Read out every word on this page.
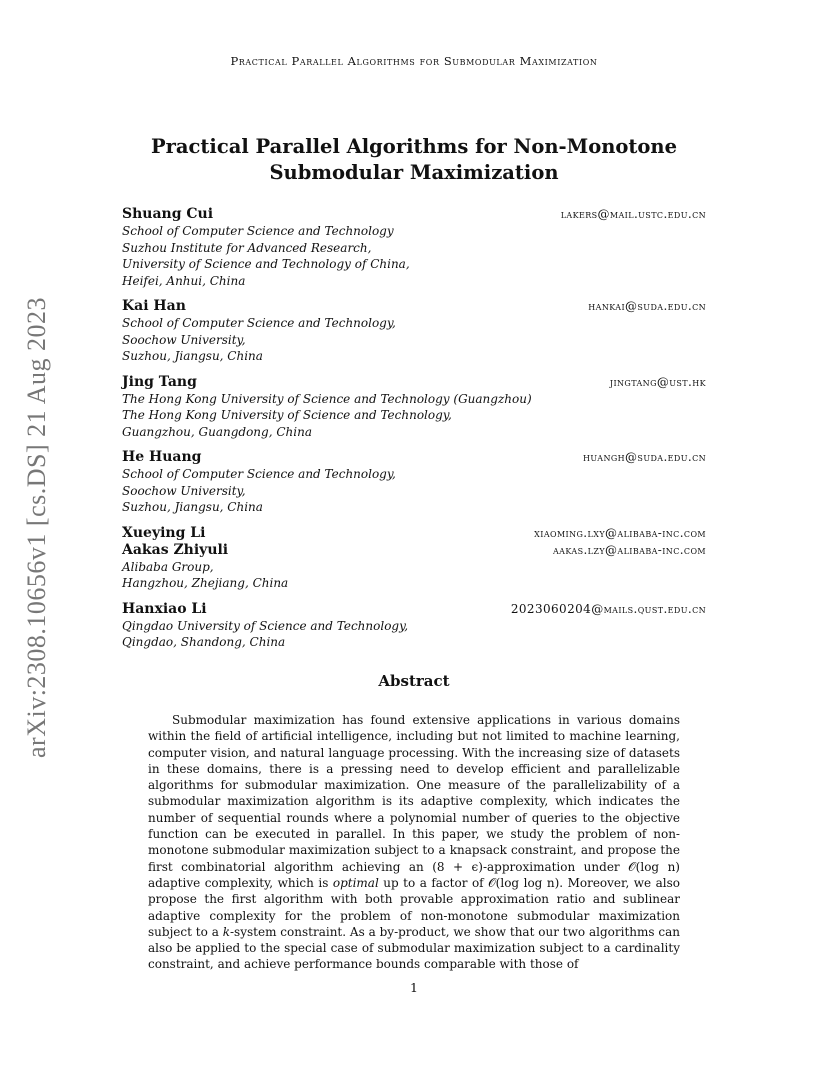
Practical Parallel Algorithms for Submodular Maximization
arXiv:2308.10656v1 [cs.DS] 21 Aug 2023
Practical Parallel Algorithms for Non-Monotone
Submodular Maximization
Shuang Cui	lakers@mail.ustc.edu.cn
School of Computer Science and Technology
Suzhou Institute for Advanced Research,
University of Science and Technology of China,
Heifei, Anhui, China
Kai Han	hankai@suda.edu.cn
School of Computer Science and Technology,
Soochow University,
Suzhou, Jiangsu, China
Jing Tang	jingtang@ust.hk
The Hong Kong University of Science and Technology (Guangzhou)
The Hong Kong University of Science and Technology,
Guangzhou, Guangdong, China
He Huang	huangh@suda.edu.cn
School of Computer Science and Technology,
Soochow University,
Suzhou, Jiangsu, China
Xueying Li	xiaoming.lxy@alibaba-inc.com
Aakas Zhiyuli	aakas.lzy@alibaba-inc.com
Alibaba Group,
Hangzhou, Zhejiang, China
Hanxiao Li	2023060204@mails.qust.edu.cn
Qingdao University of Science and Technology,
Qingdao, Shandong, China
Abstract

Submodular maximization has found extensive applications in various domains within the field of artificial intelligence, including but not limited to machine learning, computer vision, and natural language processing. With the increasing size of datasets in these domains, there is a pressing need to develop efficient and parallelizable algorithms for submodular maximization. One measure of the parallelizability of a submodular maximization algorithm is its adaptive complexity, which indicates the number of sequential rounds where a polynomial number of queries to the objective function can be executed in parallel. In this paper, we study the problem of non-monotone submodular maximization subject to a knapsack constraint, and propose the first combinatorial algorithm achieving an (8 + ϵ)-approximation under 𝒪(log n) adaptive complexity, which is optimal up to a factor of 𝒪(log log n). Moreover, we also propose the first algorithm with both provable approximation ratio and sublinear adaptive complexity for the problem of non-monotone submodular maximization subject to a k-system constraint. As a by-product, we show that our two algorithms can also be applied to the special case of submodular maximization subject to a cardinality constraint, and achieve performance bounds comparable with those of

1
